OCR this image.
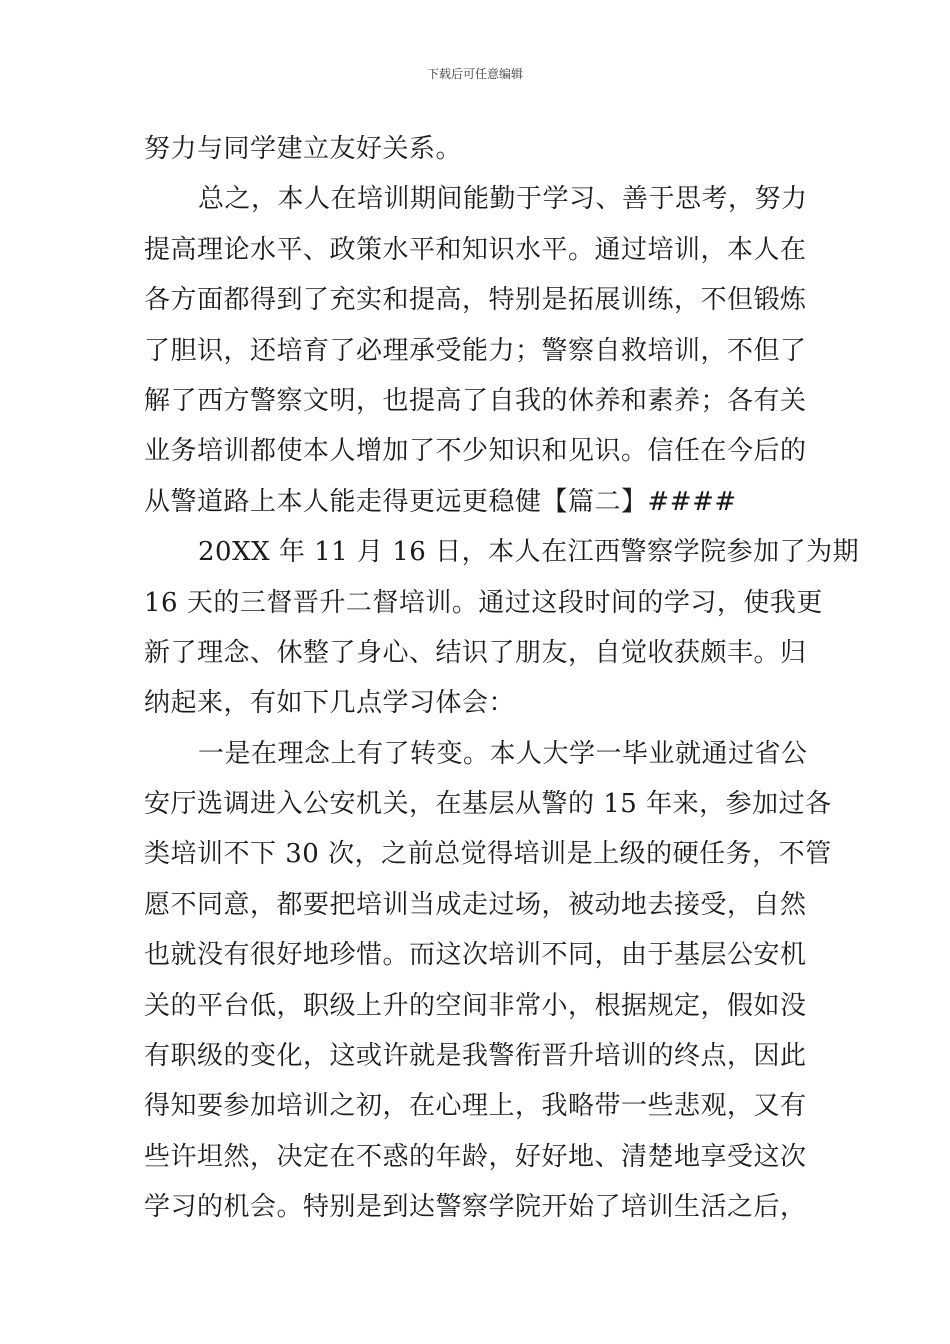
下载后可任意编辑
努力与同学建立友好关系。
总之，本人在培训期间能勤于学习、善于思考，努力
提高理论水平、政策水平和知识水平。通过培训，本人在
各方面都得到了充实和提高，特别是拓展训练，不但锻炼
了胆识，还培育了必理承受能力；警察自救培训，不但了
解了西方警察文明，也提高了自我的休养和素养；各有关
业务培训都使本人增加了不少知识和见识。信任在今后的
从警道路上本人能走得更远更稳健【篇二】####
20XX 年 11 月 16 日，本人在江西警察学院参加了为期
16 天的三督晋升二督培训。通过这段时间的学习，使我更
新了理念、休整了身心、结识了朋友，自觉收获颇丰。归
纳起来，有如下几点学习体会：
一是在理念上有了转变。本人大学一毕业就通过省公
安厅选调进入公安机关，在基层从警的 15 年来，参加过各
类培训不下 30 次，之前总觉得培训是上级的硬任务，不管
愿不同意，都要把培训当成走过场，被动地去接受，自然
也就没有很好地珍惜。而这次培训不同，由于基层公安机
关的平台低，职级上升的空间非常小，根据规定，假如没
有职级的变化，这或许就是我警衔晋升培训的终点，因此
得知要参加培训之初，在心理上，我略带一些悲观，又有
些许坦然，决定在不惑的年龄，好好地、清楚地享受这次
学习的机会。特别是到达警察学院开始了培训生活之后，
